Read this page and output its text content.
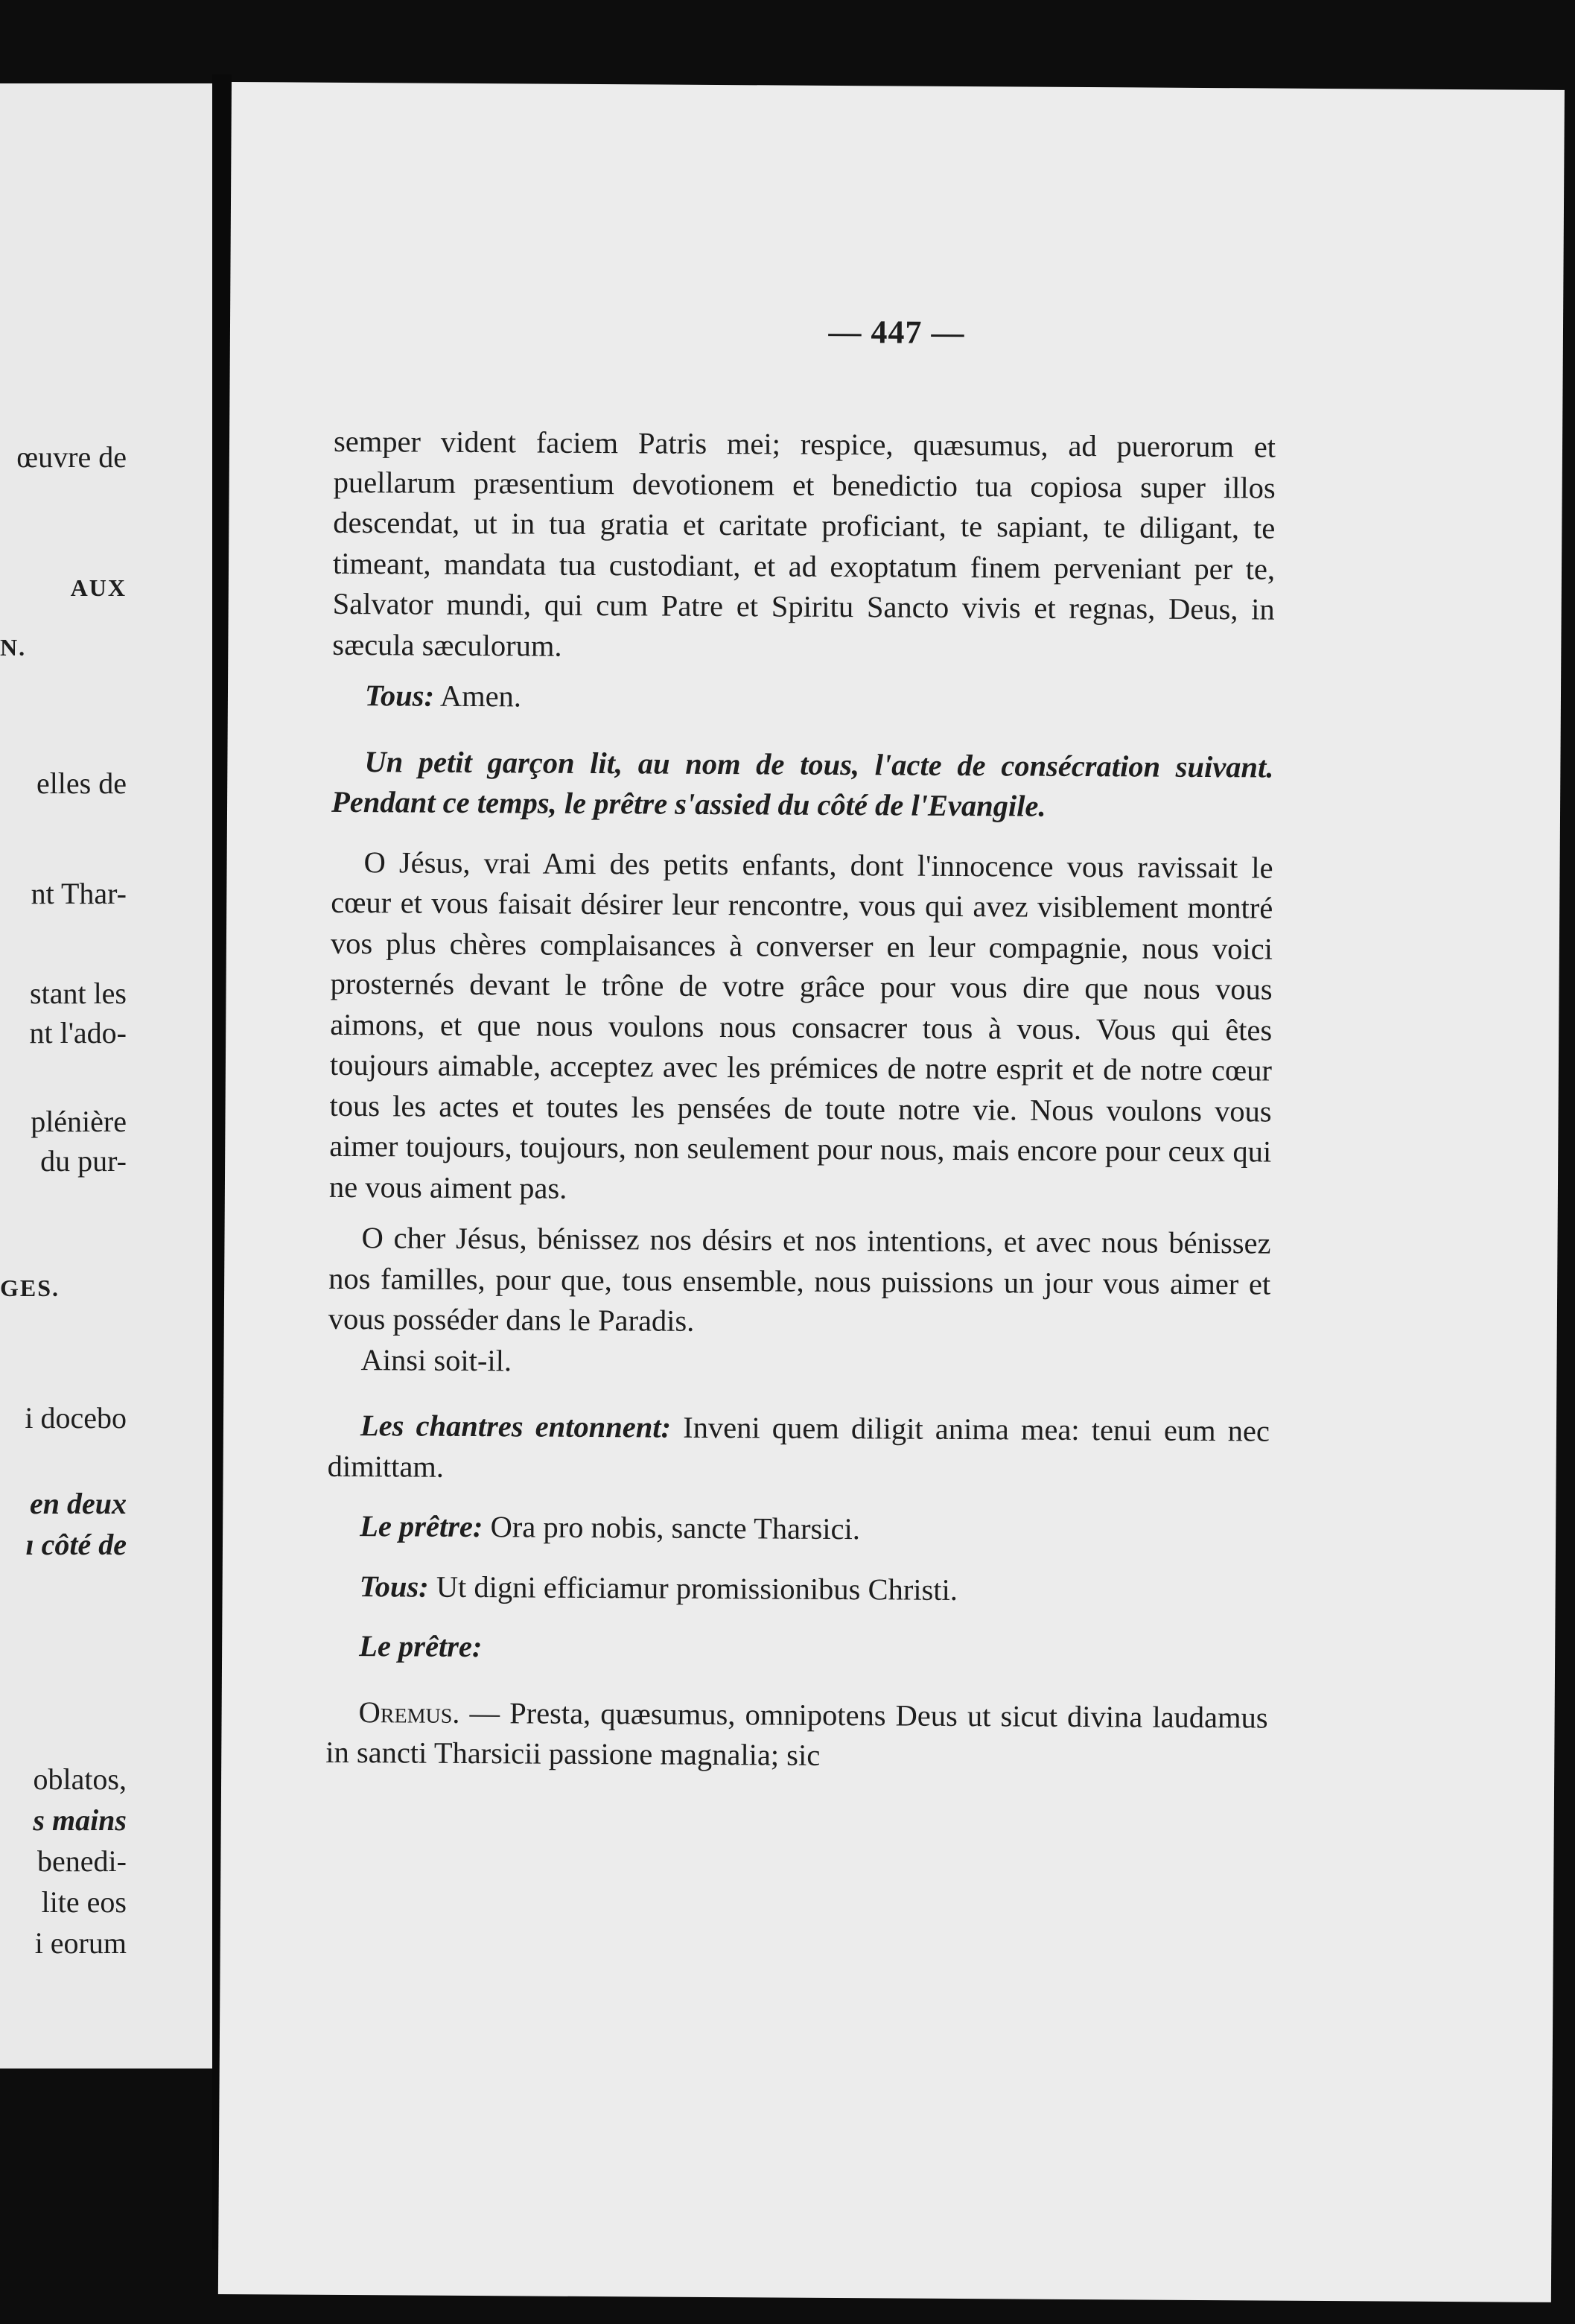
œuvre de
AUX
N.
elles de
nt Thar-
stant les
nt l'ado-
plénière
du pur-
GES.
i docebo
en deux
ı côté de
oblatos,
s mains
benedi-
lite eos
i eorum
— 447 —

semper vident faciem Patris mei; respice, quæsumus, ad puerorum et puellarum præsentium devotionem et benedictio tua copiosa super illos descendat, ut in tua gratia et caritate proficiant, te sapiant, te diligant, te timeant, mandata tua custodiant, et ad exoptatum finem perveniant per te, Salvator mundi, qui cum Patre et Spiritu Sancto vivis et regnas, Deus, in sæcula sæculorum.

Tous: Amen.

Un petit garçon lit, au nom de tous, l'acte de consécration suivant. Pendant ce temps, le prêtre s'assied du côté de l'Evangile.

O Jésus, vrai Ami des petits enfants, dont l'innocence vous ravissait le cœur et vous faisait désirer leur rencontre, vous qui avez visiblement montré vos plus chères complaisances à converser en leur compagnie, nous voici prosternés devant le trône de votre grâce pour vous dire que nous vous aimons, et que nous voulons nous consacrer tous à vous. Vous qui êtes toujours aimable, acceptez avec les prémices de notre esprit et de notre cœur tous les actes et toutes les pensées de toute notre vie. Nous voulons vous aimer toujours, toujours, non seulement pour nous, mais encore pour ceux qui ne vous aiment pas.

O cher Jésus, bénissez nos désirs et nos intentions, et avec nous bénissez nos familles, pour que, tous ensemble, nous puissions un jour vous aimer et vous posséder dans le Paradis.

Ainsi soit-il.

Les chantres entonnent: Inveni quem diligit anima mea: tenui eum nec dimittam.

Le prêtre: Ora pro nobis, sancte Tharsici.

Tous: Ut digni efficiamur promissionibus Christi.

Le prêtre:

Oremus. — Presta, quæsumus, omnipotens Deus ut sicut divina laudamus in sancti Tharsicii passione magnalia; sic
